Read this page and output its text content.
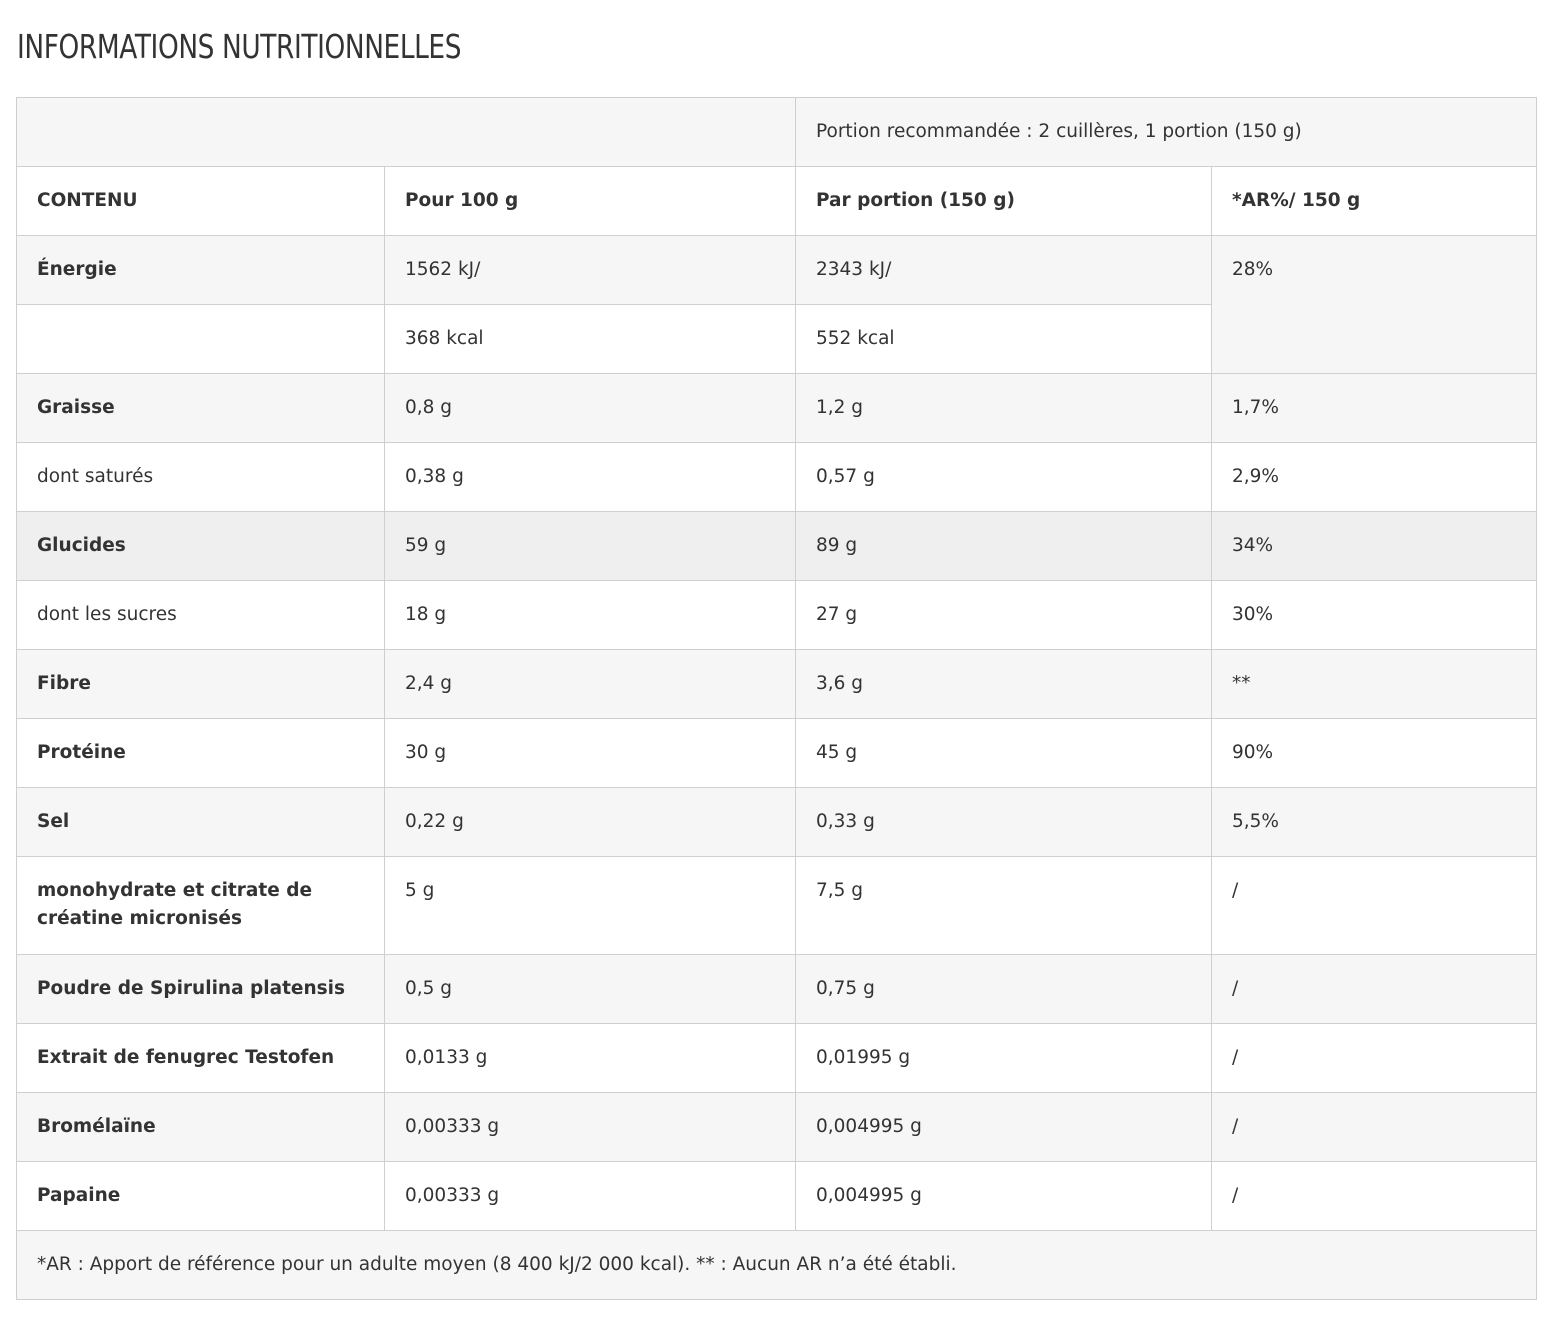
INFORMATIONS NUTRITIONNELLES
		Portion recommandée : 2 cuillères, 1 portion (150 g)	
CONTENU	Pour 100 g	Par portion (150 g)	*AR%/ 150 g
Énergie	1562 kJ/	2343 kJ/	28%
	368 kcal	552 kcal	
Graisse	0,8 g	1,2 g	1,7%
dont saturés	0,38 g	0,57 g	2,9%
Glucides	59 g	89 g	34%
dont les sucres	18 g	27 g	30%
Fibre	2,4 g	3,6 g	**
Protéine	30 g	45 g	90%
Sel	0,22 g	0,33 g	5,5%
monohydrate et citrate de créatine micronisés	5 g	7,5 g	/
Poudre de Spirulina platensis	0,5 g	0,75 g	/
Extrait de fenugrec Testofen	0,0133 g	0,01995 g	/
Bromélaïne	0,00333 g	0,004995 g	/
Papaine	0,00333 g	0,004995 g	/
*AR : Apport de référence pour un adulte moyen (8 400 kJ/2 000 kcal). ** : Aucun AR n’a été établi.			
